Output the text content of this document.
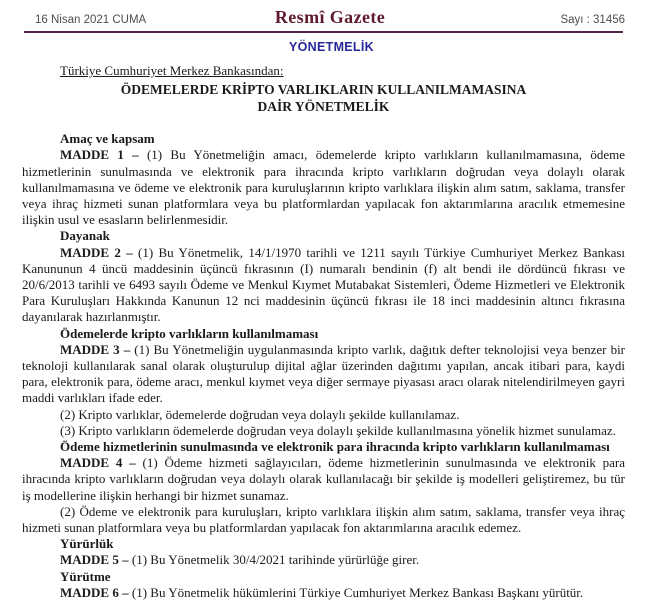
16 Nisan 2021 CUMA	Resmî Gazete	Sayı : 31456
YÖNETMELİK
Türkiye Cumhuriyet Merkez Bankasından:
ÖDEMELERDE KRİPTO VARLIKLARIN KULLANILMAMASINA
DAİR YÖNETMELİK

Amaç ve kapsam

MADDE 1 – (1) Bu Yönetmeliğin amacı, ödemelerde kripto varlıkların kullanılmamasına, ödeme hizmetlerinin sunulmasında ve elektronik para ihracında kripto varlıkların doğrudan veya dolaylı olarak kullanılmamasına ve ödeme ve elektronik para kuruluşlarının kripto varlıklara ilişkin alım satım, saklama, transfer veya ihraç hizmeti sunan platformlara veya bu platformlardan yapılacak fon aktarımlarına aracılık etmemesine ilişkin usul ve esasların belirlenmesidir.

Dayanak

MADDE 2 – (1) Bu Yönetmelik, 14/1/1970 tarihli ve 1211 sayılı Türkiye Cumhuriyet Merkez Bankası Kanununun 4 üncü maddesinin üçüncü fıkrasının (I) numaralı bendinin (f) alt bendi ile dördüncü fıkrası ve 20/6/2013 tarihli ve 6493 sayılı Ödeme ve Menkul Kıymet Mutabakat Sistemleri, Ödeme Hizmetleri ve Elektronik Para Kuruluşları Hakkında Kanunun 12 nci maddesinin üçüncü fıkrası ile 18 inci maddesinin altıncı fıkrasına dayanılarak hazırlanmıştır.

Ödemelerde kripto varlıkların kullanılmaması

MADDE 3 – (1) Bu Yönetmeliğin uygulanmasında kripto varlık, dağıtık defter teknolojisi veya benzer bir teknoloji kullanılarak sanal olarak oluşturulup dijital ağlar üzerinden dağıtımı yapılan, ancak itibari para, kaydi para, elektronik para, ödeme aracı, menkul kıymet veya diğer sermaye piyasası aracı olarak nitelendirilmeyen gayri maddi varlıkları ifade eder.

(2) Kripto varlıklar, ödemelerde doğrudan veya dolaylı şekilde kullanılamaz.

(3) Kripto varlıkların ödemelerde doğrudan veya dolaylı şekilde kullanılmasına yönelik hizmet sunulamaz.

Ödeme hizmetlerinin sunulmasında ve elektronik para ihracında kripto varlıkların kullanılmaması

MADDE 4 – (1) Ödeme hizmeti sağlayıcıları, ödeme hizmetlerinin sunulmasında ve elektronik para ihracında kripto varlıkların doğrudan veya dolaylı olarak kullanılacağı bir şekilde iş modelleri geliştiremez, bu tür iş modellerine ilişkin herhangi bir hizmet sunamaz.

(2) Ödeme ve elektronik para kuruluşları, kripto varlıklara ilişkin alım satım, saklama, transfer veya ihraç hizmeti sunan platformlara veya bu platformlardan yapılacak fon aktarımlarına aracılık edemez.

Yürürlük

MADDE 5 – (1) Bu Yönetmelik 30/4/2021 tarihinde yürürlüğe girer.

Yürütme

MADDE 6 – (1) Bu Yönetmelik hükümlerini Türkiye Cumhuriyet Merkez Bankası Başkanı yürütür.
